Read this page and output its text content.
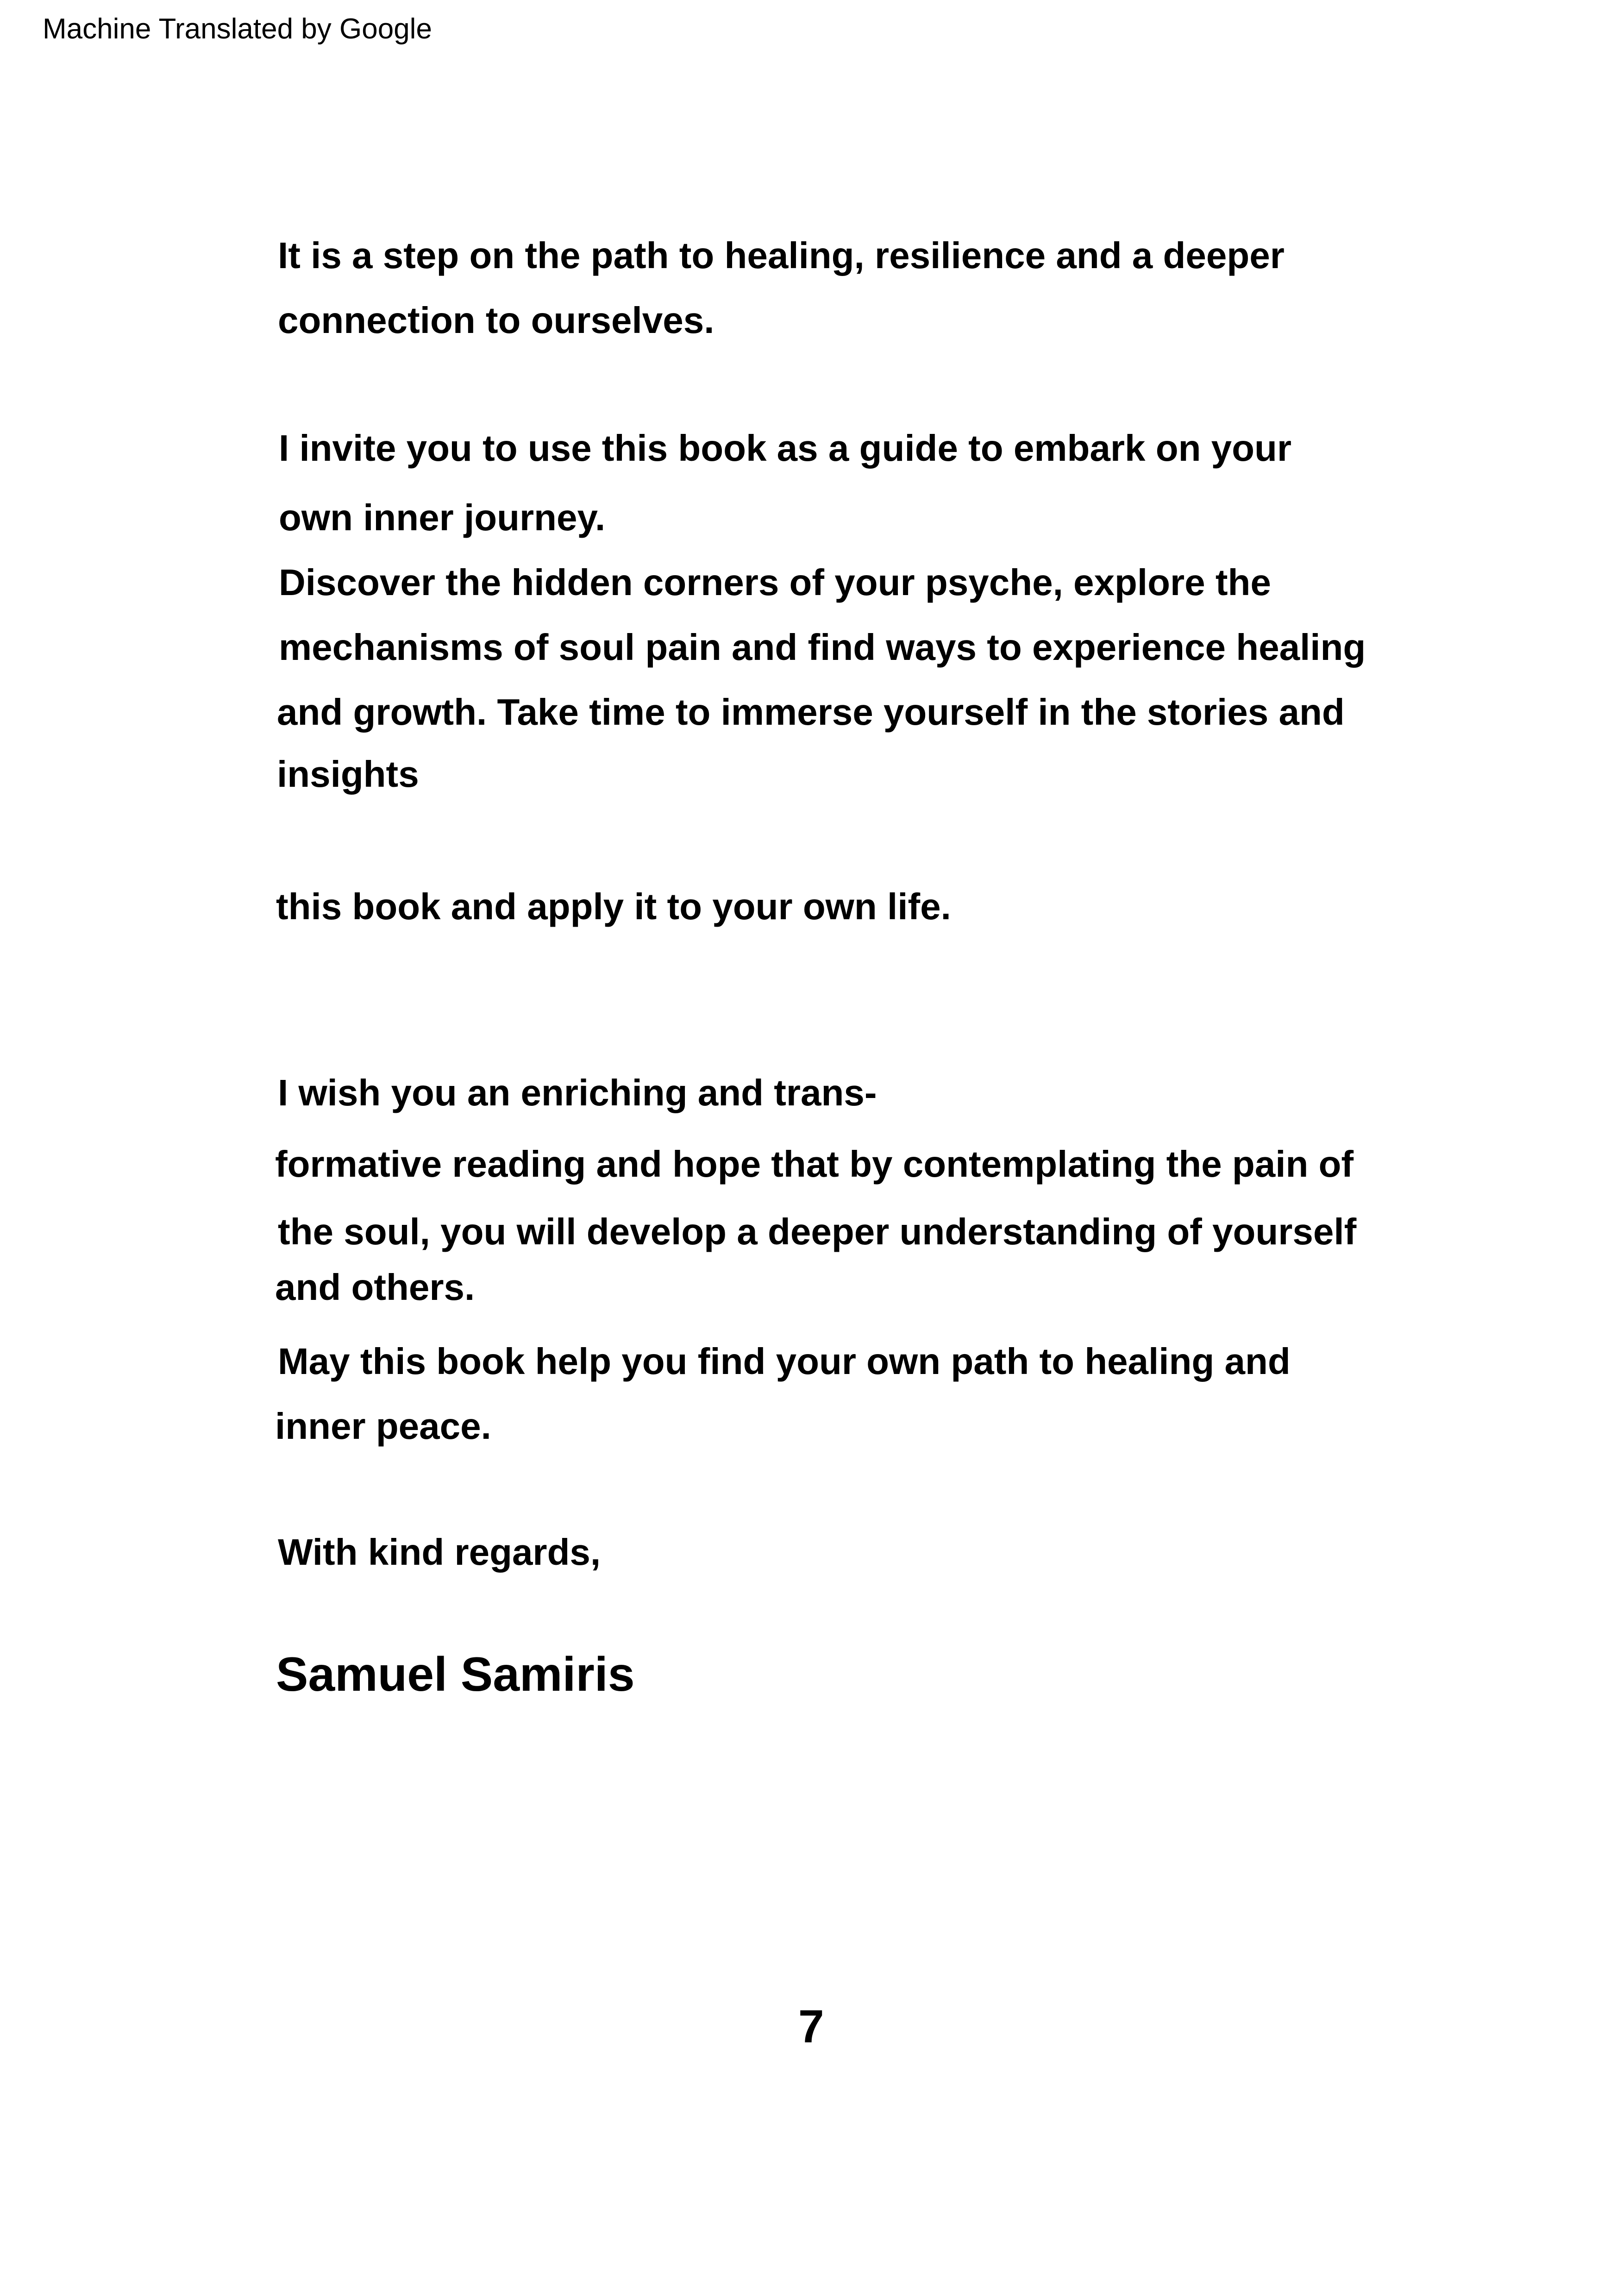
Machine Translated by Google
It is a step on the path to healing, resilience and a deeper
connection to ourselves.
I invite you to use this book as a guide to embark on your
own inner journey.
Discover the hidden corners of your psyche, explore the
mechanisms of soul pain and find ways to experience healing
and growth. Take time to immerse yourself in the stories and
insights
this book and apply it to your own life.
I wish you an enriching and trans-
formative reading and hope that by contemplating the pain of
the soul, you will develop a deeper understanding of yourself
and others.
May this book help you find your own path to healing and
inner peace.
With kind regards,
Samuel Samiris
7
